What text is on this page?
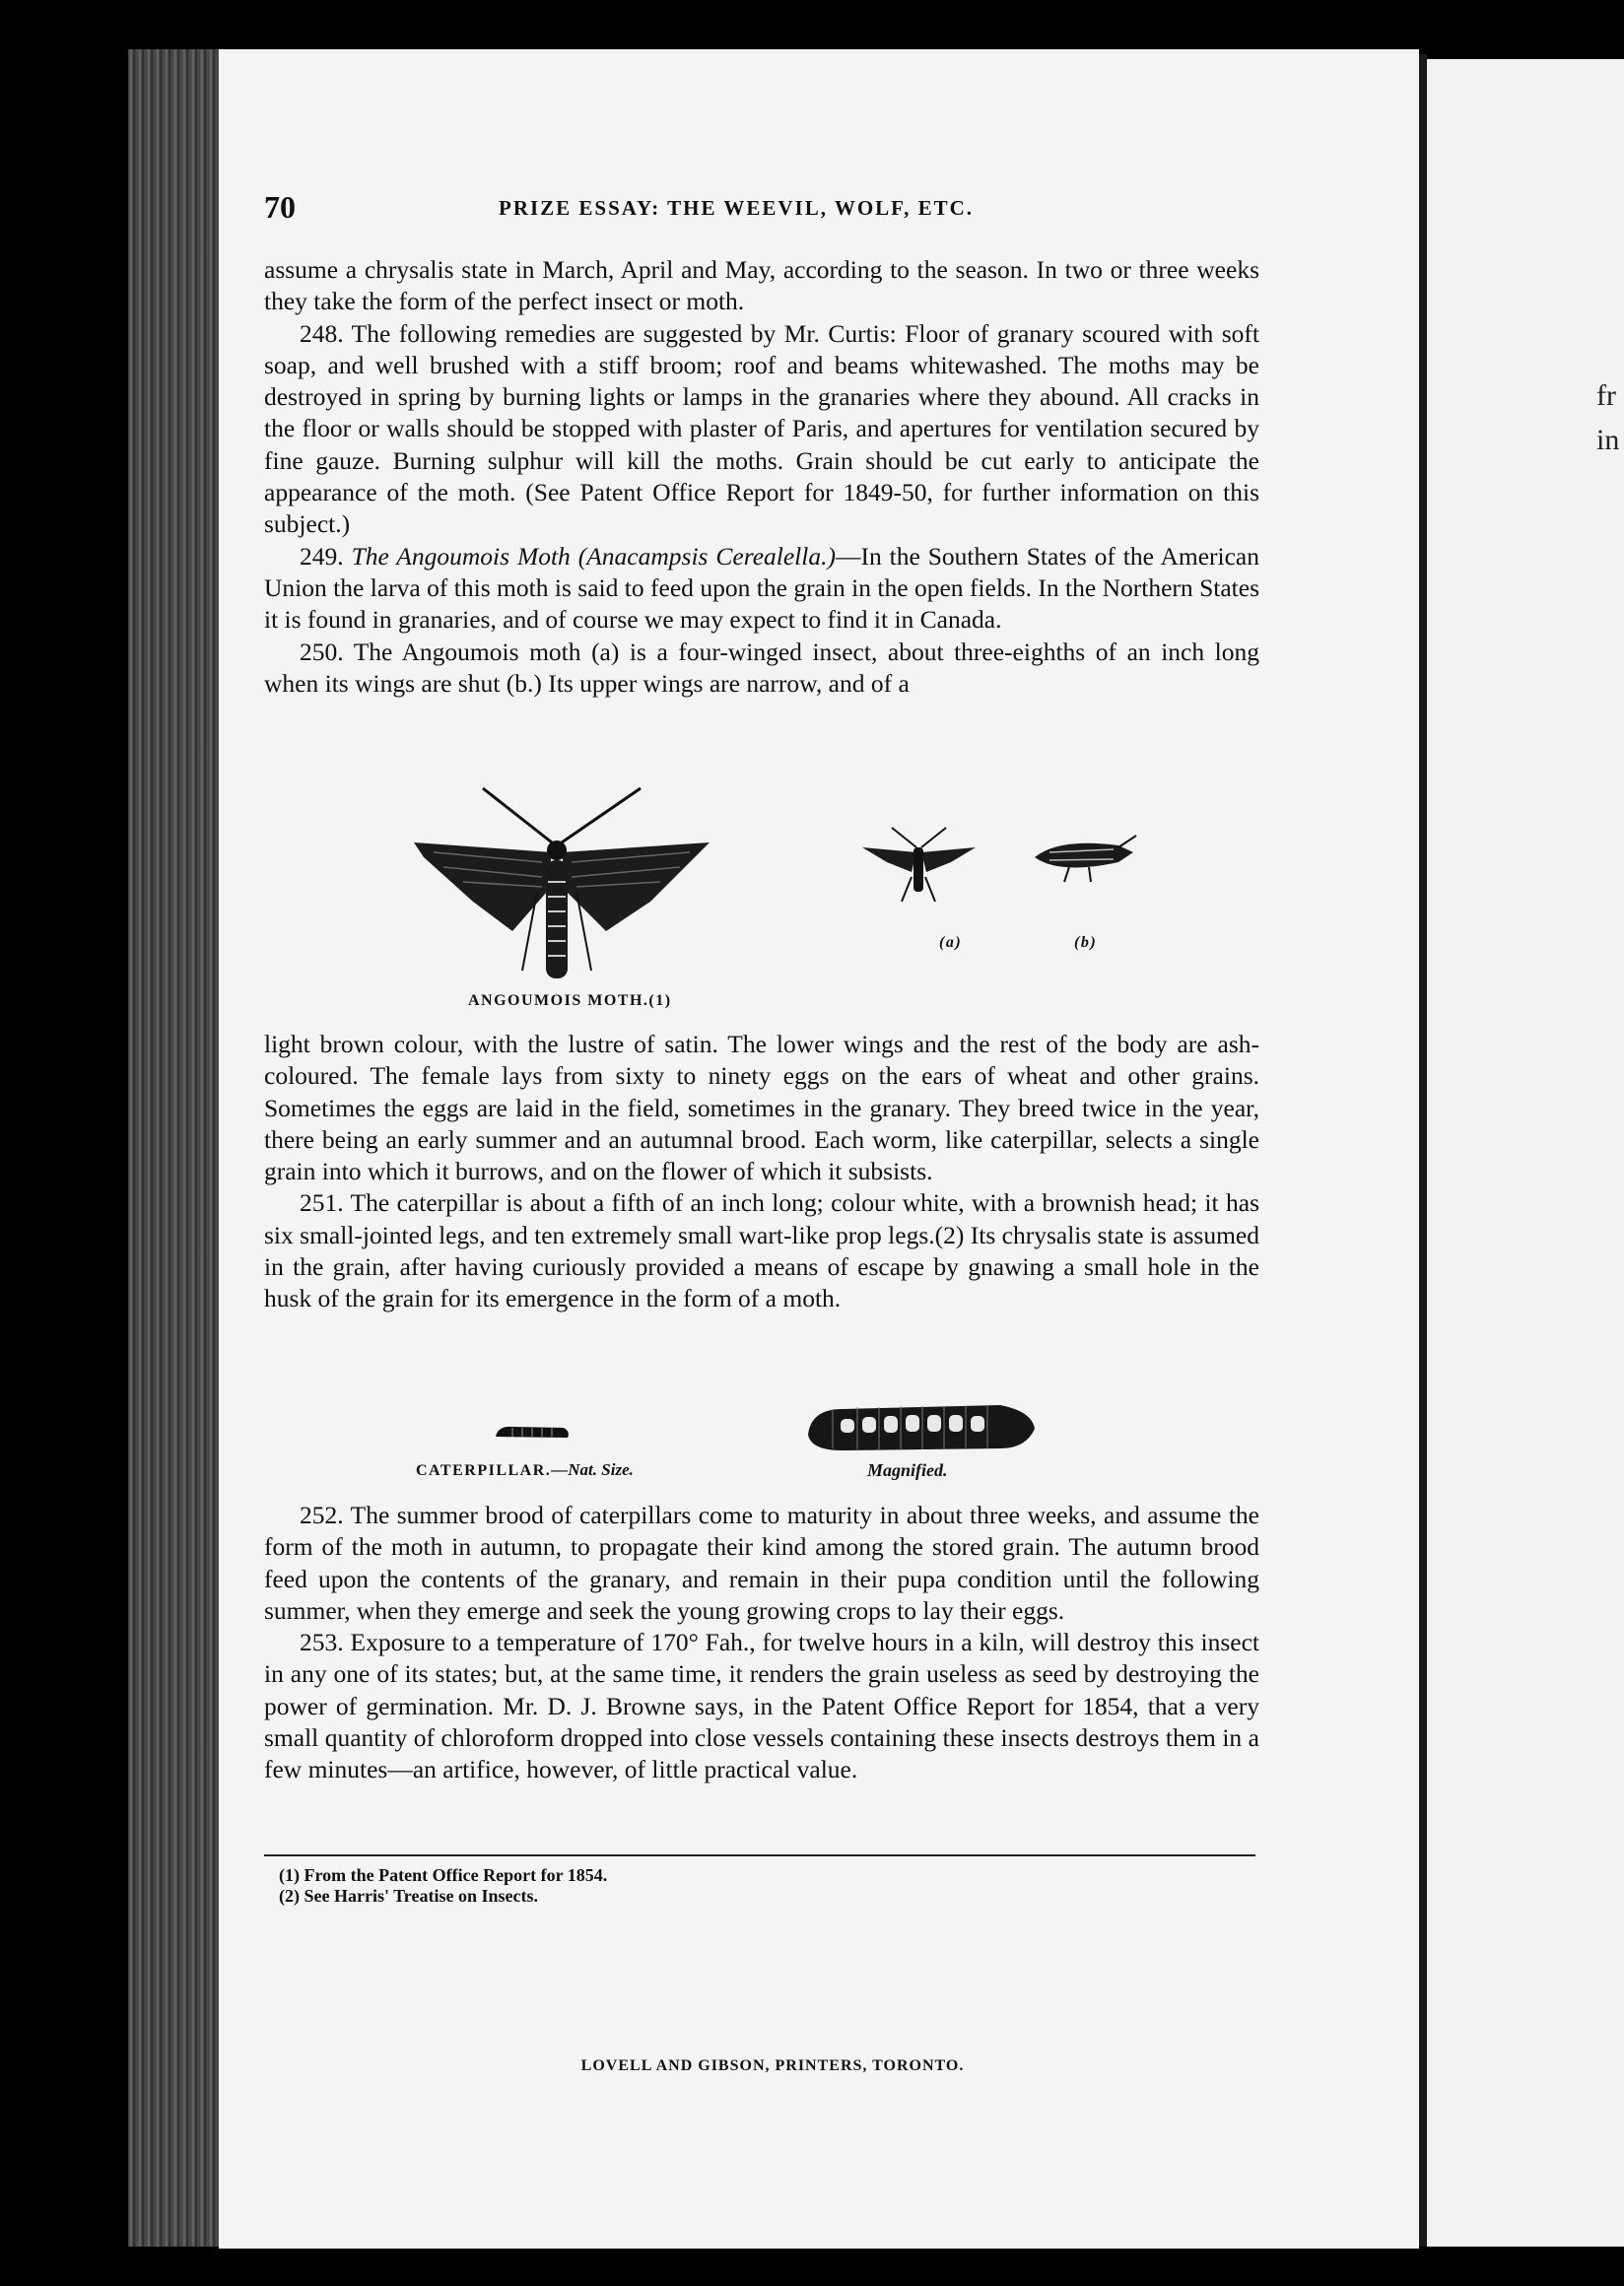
fr
in
70	PRIZE ESSAY: THE WEEVIL, WOLF, ETC.

assume a chrysalis state in March, April and May, according to the season. In two or three weeks they take the form of the perfect insect or moth.

248. The following remedies are suggested by Mr. Curtis: Floor of granary scoured with soft soap, and well brushed with a stiff broom; roof and beams whitewashed. The moths may be destroyed in spring by burning lights or lamps in the granaries where they abound. All cracks in the floor or walls should be stopped with plaster of Paris, and apertures for ventilation secured by fine gauze. Burning sulphur will kill the moths. Grain should be cut early to anticipate the appearance of the moth. (See Patent Office Report for 1849-50, for further information on this subject.)

249. The Angoumois Moth (Anacampsis Cerealella.)—In the Southern States of the American Union the larva of this moth is said to feed upon the grain in the open fields. In the Northern States it is found in granaries, and of course we may expect to find it in Canada.

250. The Angoumois moth (a) is a four-winged insect, about three-eighths of an inch long when its wings are shut (b.) Its upper wings are narrow, and of a

ANGOUMOIS MOTH.(1)
(a)	(b)

light brown colour, with the lustre of satin. The lower wings and the rest of the body are ash-coloured. The female lays from sixty to ninety eggs on the ears of wheat and other grains. Sometimes the eggs are laid in the field, sometimes in the granary. They breed twice in the year, there being an early summer and an autumnal brood. Each worm, like caterpillar, selects a single grain into which it burrows, and on the flower of which it subsists.

251. The caterpillar is about a fifth of an inch long; colour white, with a brownish head; it has six small-jointed legs, and ten extremely small wart-like prop legs.(2) Its chrysalis state is assumed in the grain, after having curiously provided a means of escape by gnawing a small hole in the husk of the grain for its emergence in the form of a moth.

CATERPILLAR.—Nat. Size.	Magnified.

252. The summer brood of caterpillars come to maturity in about three weeks, and assume the form of the moth in autumn, to propagate their kind among the stored grain. The autumn brood feed upon the contents of the granary, and remain in their pupa condition until the following summer, when they emerge and seek the young growing crops to lay their eggs.

253. Exposure to a temperature of 170° Fah., for twelve hours in a kiln, will destroy this insect in any one of its states; but, at the same time, it renders the grain useless as seed by destroying the power of germination. Mr. D. J. Browne says, in the Patent Office Report for 1854, that a very small quantity of chloroform dropped into close vessels containing these insects destroys them in a few minutes—an artifice, however, of little practical value.

(1) From the Patent Office Report for 1854.
(2) See Harris' Treatise on Insects.
LOVELL AND GIBSON, PRINTERS, TORONTO.
